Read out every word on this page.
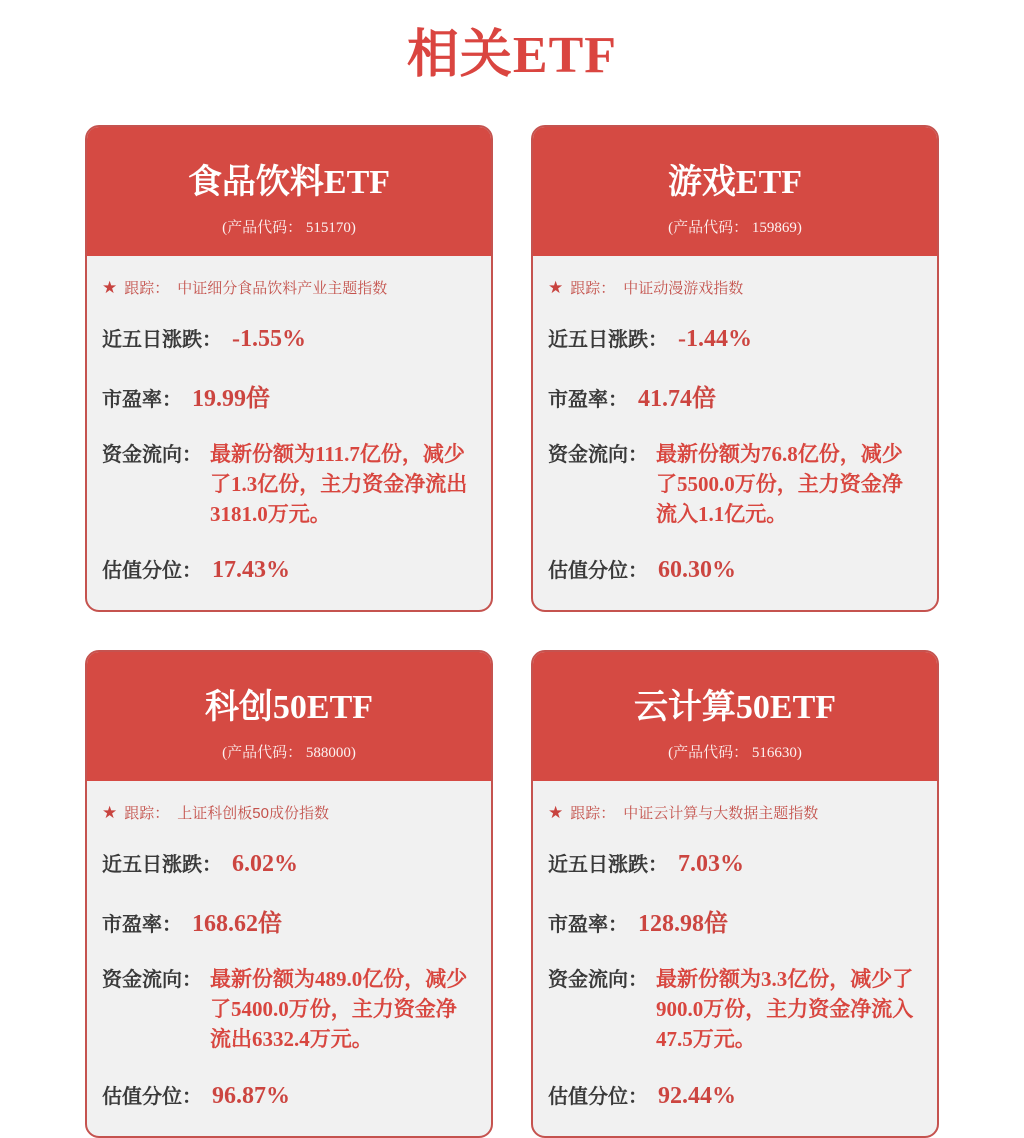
相关ETF
食品饮料ETF
(产品代码： 515170)
★ 跟踪： 中证细分食品饮料产业主题指数
近五日涨跌： -1.55%
市盈率： 19.99倍
资金流向： 最新份额为111.7亿份，减少了1.3亿份，主力资金净流出3181.0万元。
估值分位： 17.43%
游戏ETF
(产品代码： 159869)
★ 跟踪： 中证动漫游戏指数
近五日涨跌： -1.44%
市盈率： 41.74倍
资金流向： 最新份额为76.8亿份，减少了5500.0万份，主力资金净流入1.1亿元。
估值分位： 60.30%
科创50ETF
(产品代码： 588000)
★ 跟踪： 上证科创板50成份指数
近五日涨跌： 6.02%
市盈率： 168.62倍
资金流向： 最新份额为489.0亿份，减少了5400.0万份，主力资金净流出6332.4万元。
估值分位： 96.87%
云计算50ETF
(产品代码： 516630)
★ 跟踪： 中证云计算与大数据主题指数
近五日涨跌： 7.03%
市盈率： 128.98倍
资金流向： 最新份额为3.3亿份，减少了900.0万份，主力资金净流入47.5万元。
估值分位： 92.44%
